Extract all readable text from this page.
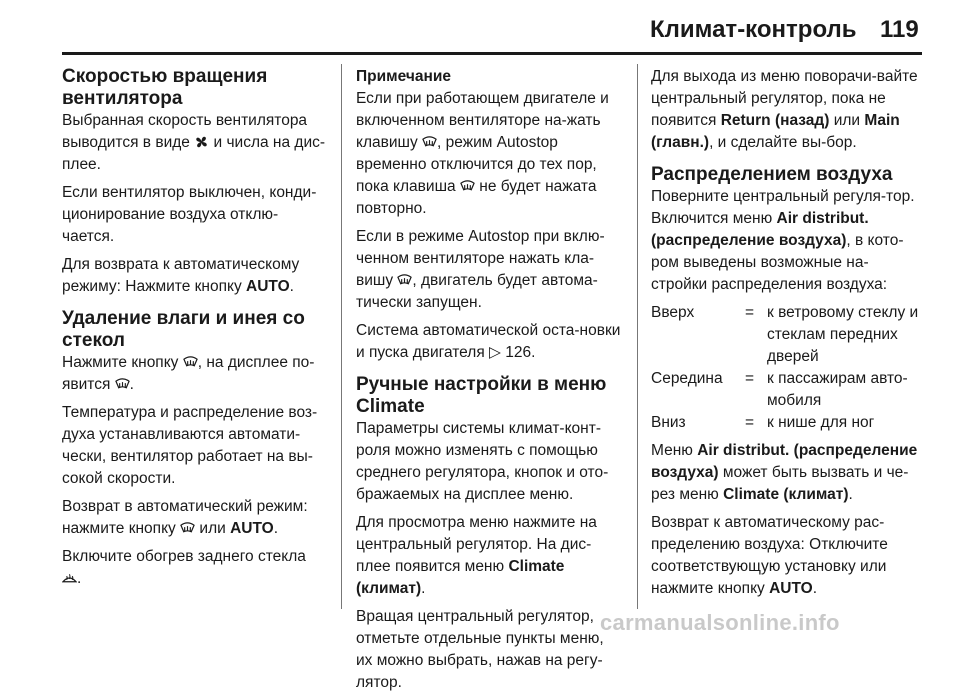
Климат-контроль 119
Скоростью вращения
вентилятора

Выбранная скорость вентилятора выводится в виде и числа на дис-плее.

Если вентилятор выключен, конди-ционирование воздуха отклю-чается.

Для возврата к автоматическому режиму: Нажмите кнопку AUTO.

Удаление влаги и инея со
стекол

Нажмите кнопку , на дисплее по-явится .

Температура и распределение воз-духа устанавливаются автомати-чески, вентилятор работает на вы-сокой скорости.

Возврат в автоматический режим: нажмите кнопку или AUTO.

Включите обогрев заднего стекла

.

Примечание

Если при работающем двигателе и включенном вентиляторе на-жать клавишу , режим Autostop временно отключится до тех пор, пока клавиша не будет нажата повторно.

Если в режиме Autostop при вклю-ченном вентиляторе нажать кла-вишу , двигатель будет автома-тически запущен.

Система автоматической оста-новки и пуска двигателя ▷ 126.

Ручные настройки в меню
Climate

Параметры системы климат-конт-роля можно изменять с помощью среднего регулятора, кнопок и ото-бражаемых на дисплее меню.

Для просмотра меню нажмите на центральный регулятор. На дис-плее появится меню Climate (климат).

Вращая центральный регулятор, отметьте отдельные пункты меню, их можно выбрать, нажав на регу-лятор.

Для выхода из меню поворачи-вайте центральный регулятор, пока не появится Return (назад) или Main (главн.), и сделайте вы-бор.

Распределением воздуха

Поверните центральный регуля-тор. Включится меню Air distribut. (распределение воздуха), в кото-ром выведены возможные на-стройки распределения воздуха:

Вверх	=	к ветровому стеклу и стеклам передних дверей
Середина	=	к пассажирам авто-мобиля
Вниз	=	к нише для ног

Меню Air distribut. (распределение воздуха) может быть вызвать и че-рез меню Climate (климат).

Возврат к автоматическому рас-пределению воздуха: Отключите соответствующую установку или нажмите кнопку AUTO.

carmanualsonline.info
